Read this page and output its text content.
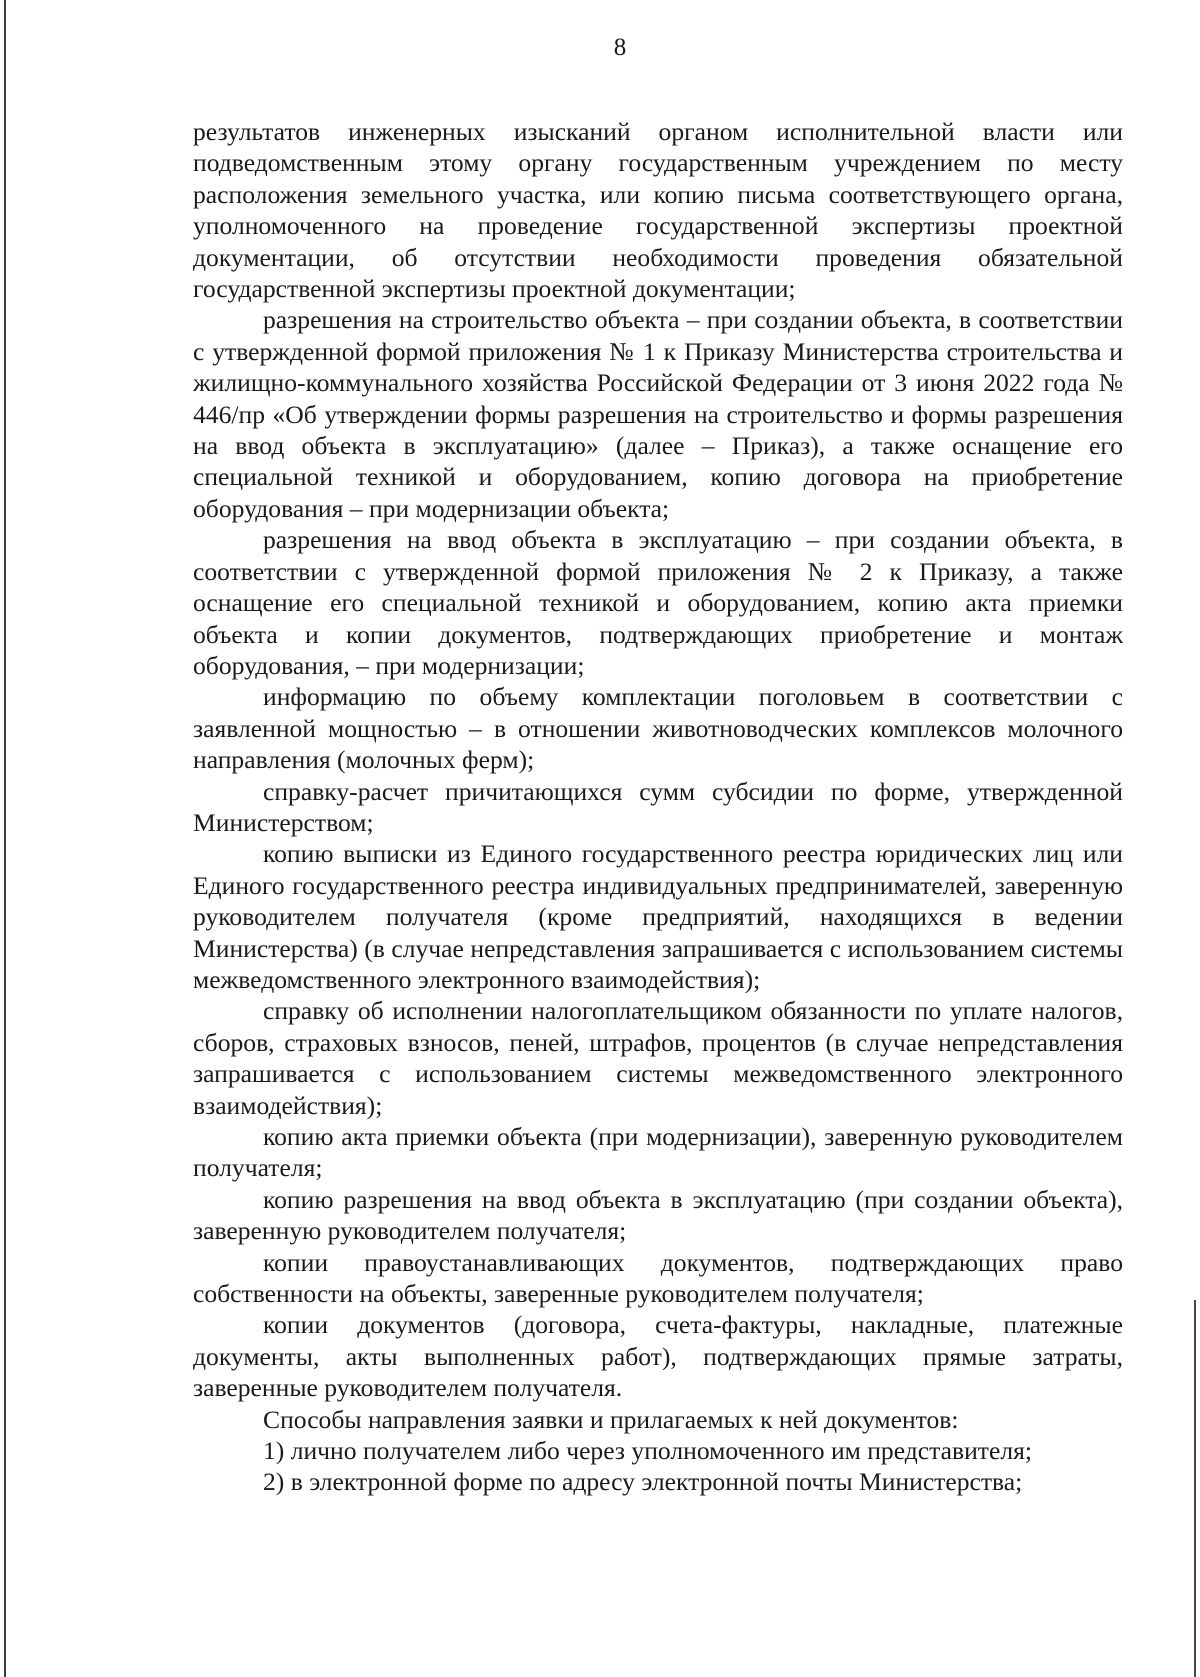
8

результатов инженерных изысканий органом исполнительной власти или подведомственным этому органу государственным учреждением по месту расположения земельного участка, или копию письма соответствующего органа, уполномоченного на проведение государственной экспертизы проектной документации, об отсутствии необходимости проведения обязательной государственной экспертизы проектной документации;

разрешения на строительство объекта – при создании объекта, в соответствии с утвержденной формой приложения № 1 к Приказу Министерства строительства и жилищно-коммунального хозяйства Российской Федерации от 3 июня 2022 года № 446/пр «Об утверждении формы разрешения на строительство и формы разрешения на ввод объекта в эксплуатацию» (далее – Приказ), а также оснащение его специальной техникой и оборудованием, копию договора на приобретение оборудования – при модернизации объекта;

разрешения на ввод объекта в эксплуатацию – при создании объекта, в соответствии с утвержденной формой приложения № 2 к Приказу, а также оснащение его специальной техникой и оборудованием, копию акта приемки объекта и копии документов, подтверждающих приобретение и монтаж оборудования, – при модернизации;

информацию по объему комплектации поголовьем в соответствии с заявленной мощностью – в отношении животноводческих комплексов молочного направления (молочных ферм);

справку-расчет причитающихся сумм субсидии по форме, утвержденной Министерством;

копию выписки из Единого государственного реестра юридических лиц или Единого государственного реестра индивидуальных предпринимателей, заверенную руководителем получателя (кроме предприятий, находящихся в ведении Министерства) (в случае непредставления запрашивается с использованием системы межведомственного электронного взаимодействия);

справку об исполнении налогоплательщиком обязанности по уплате налогов, сборов, страховых взносов, пеней, штрафов, процентов (в случае непредставления запрашивается с использованием системы межведомственного электронного взаимодействия);

копию акта приемки объекта (при модернизации), заверенную руководителем получателя;

копию разрешения на ввод объекта в эксплуатацию (при создании объекта), заверенную руководителем получателя;

копии правоустанавливающих документов, подтверждающих право собственности на объекты, заверенные руководителем получателя;

копии документов (договора, счета-фактуры, накладные, платежные документы, акты выполненных работ), подтверждающих прямые затраты, заверенные руководителем получателя.

Способы направления заявки и прилагаемых к ней документов:

1) лично получателем либо через уполномоченного им представителя;

2) в электронной форме по адресу электронной почты Министерства;
